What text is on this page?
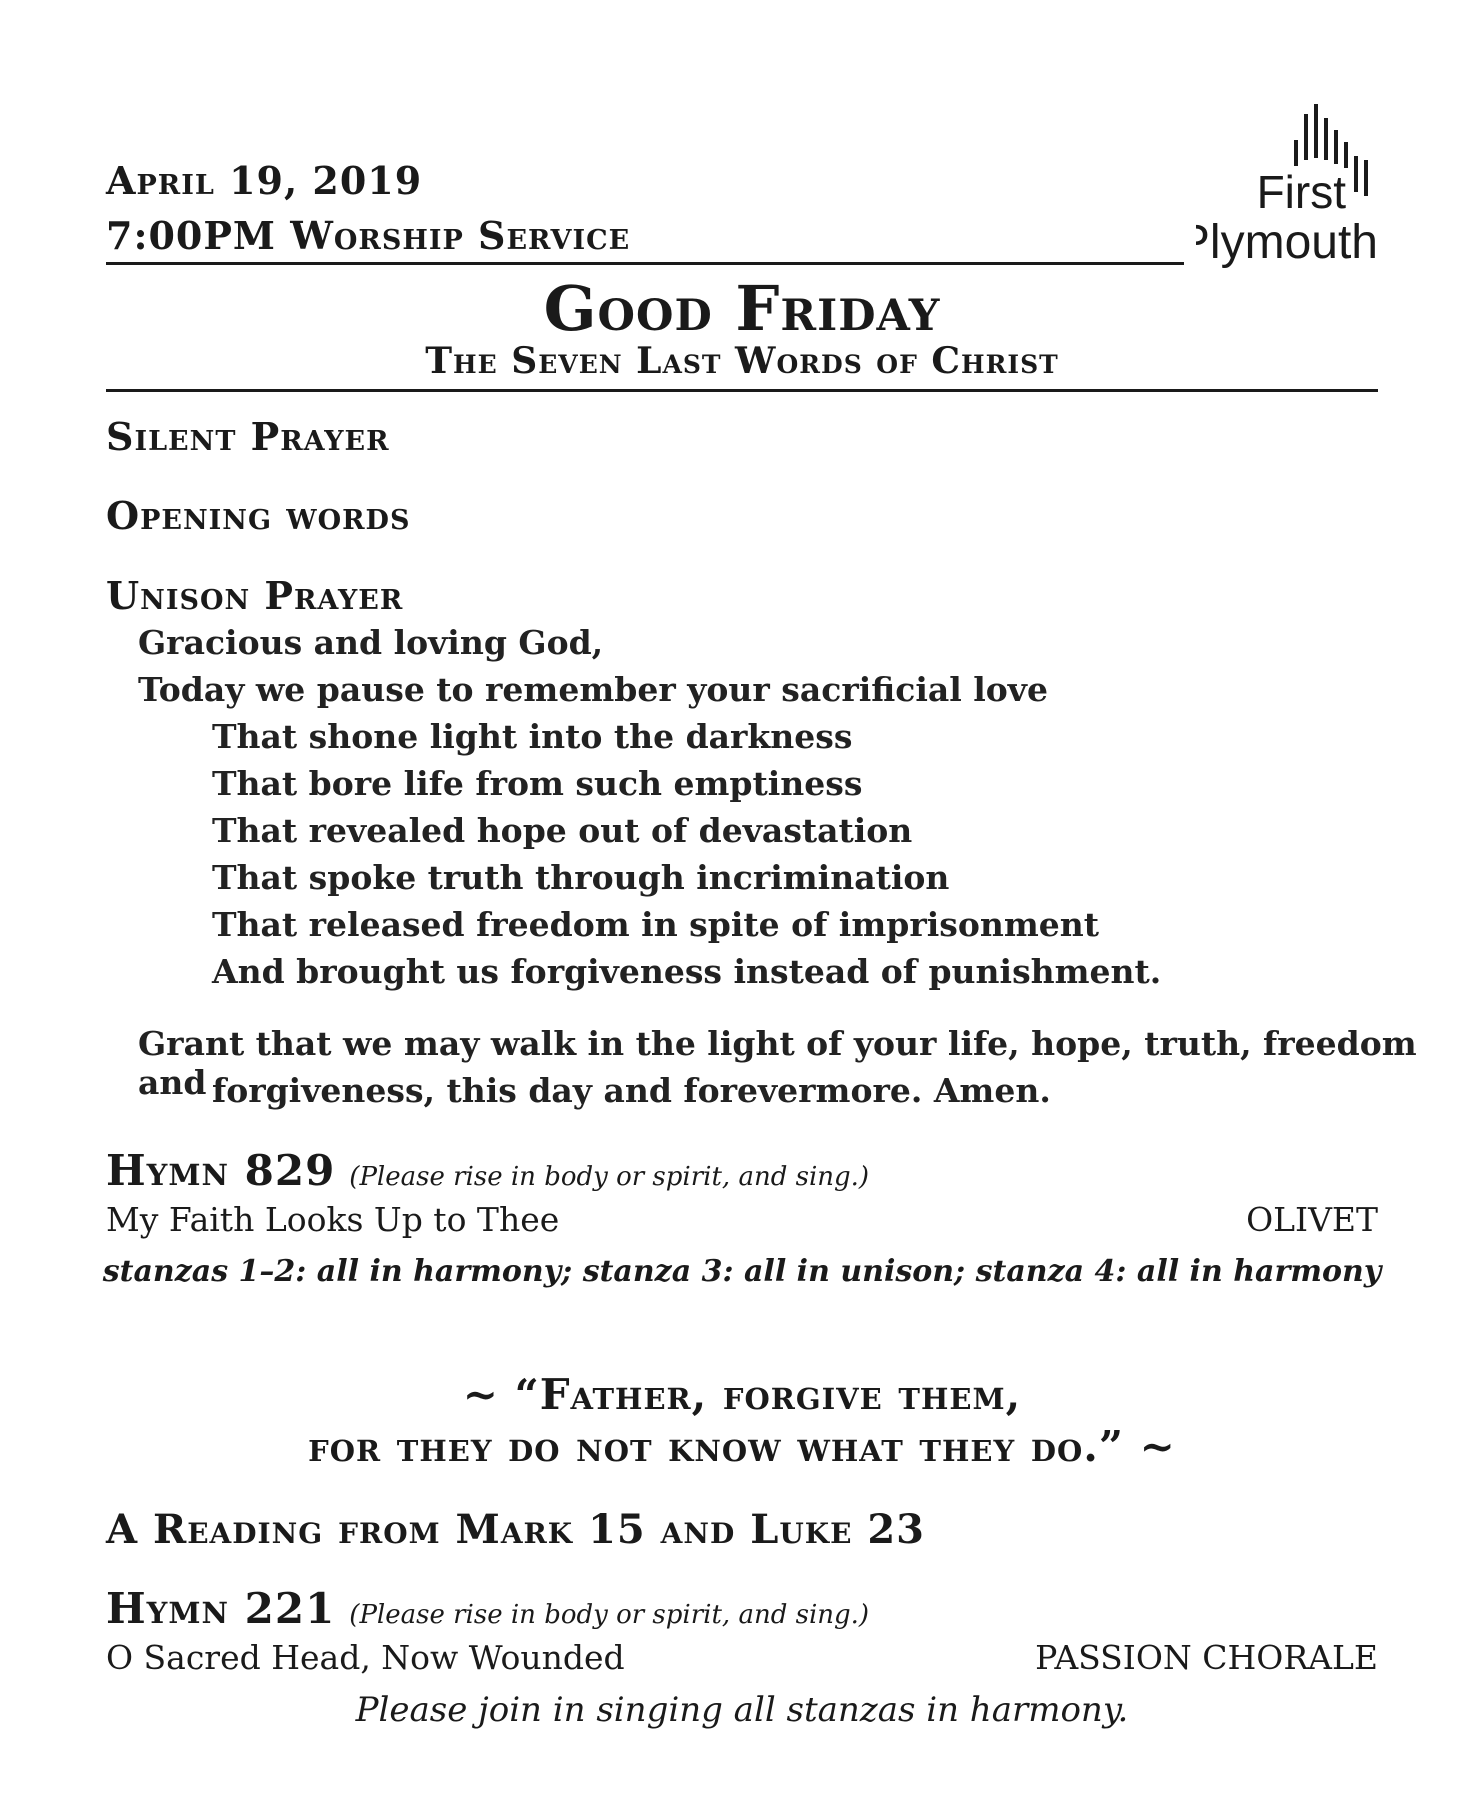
April 19, 2019
7:00PM Worship Service
First
Plymouth
Good Friday
The Seven Last Words of Christ
Silent Prayer
Opening words
Unison Prayer
Gracious and loving God,
Today we pause to remember your sacrificial love
That shone light into the darkness
That bore life from such emptiness
That revealed hope out of devastation
That spoke truth through incrimination
That released freedom in spite of imprisonment
And brought us forgiveness instead of punishment.
Grant that we may walk in the light of your life, hope, truth, freedom and forgiveness, this day and forevermore. Amen.
Hymn 829 (Please rise in body or spirit, and sing.)
My Faith Looks Up to Thee	OLIVET
stanzas 1–2: all in harmony; stanza 3: all in unison; stanza 4: all in harmony
~ “Father, forgive them,
for they do not know what they do.” ~
A Reading from Mark 15 and Luke 23
Hymn 221 (Please rise in body or spirit, and sing.)
O Sacred Head, Now Wounded	PASSION CHORALE
Please join in singing all stanzas in harmony.
